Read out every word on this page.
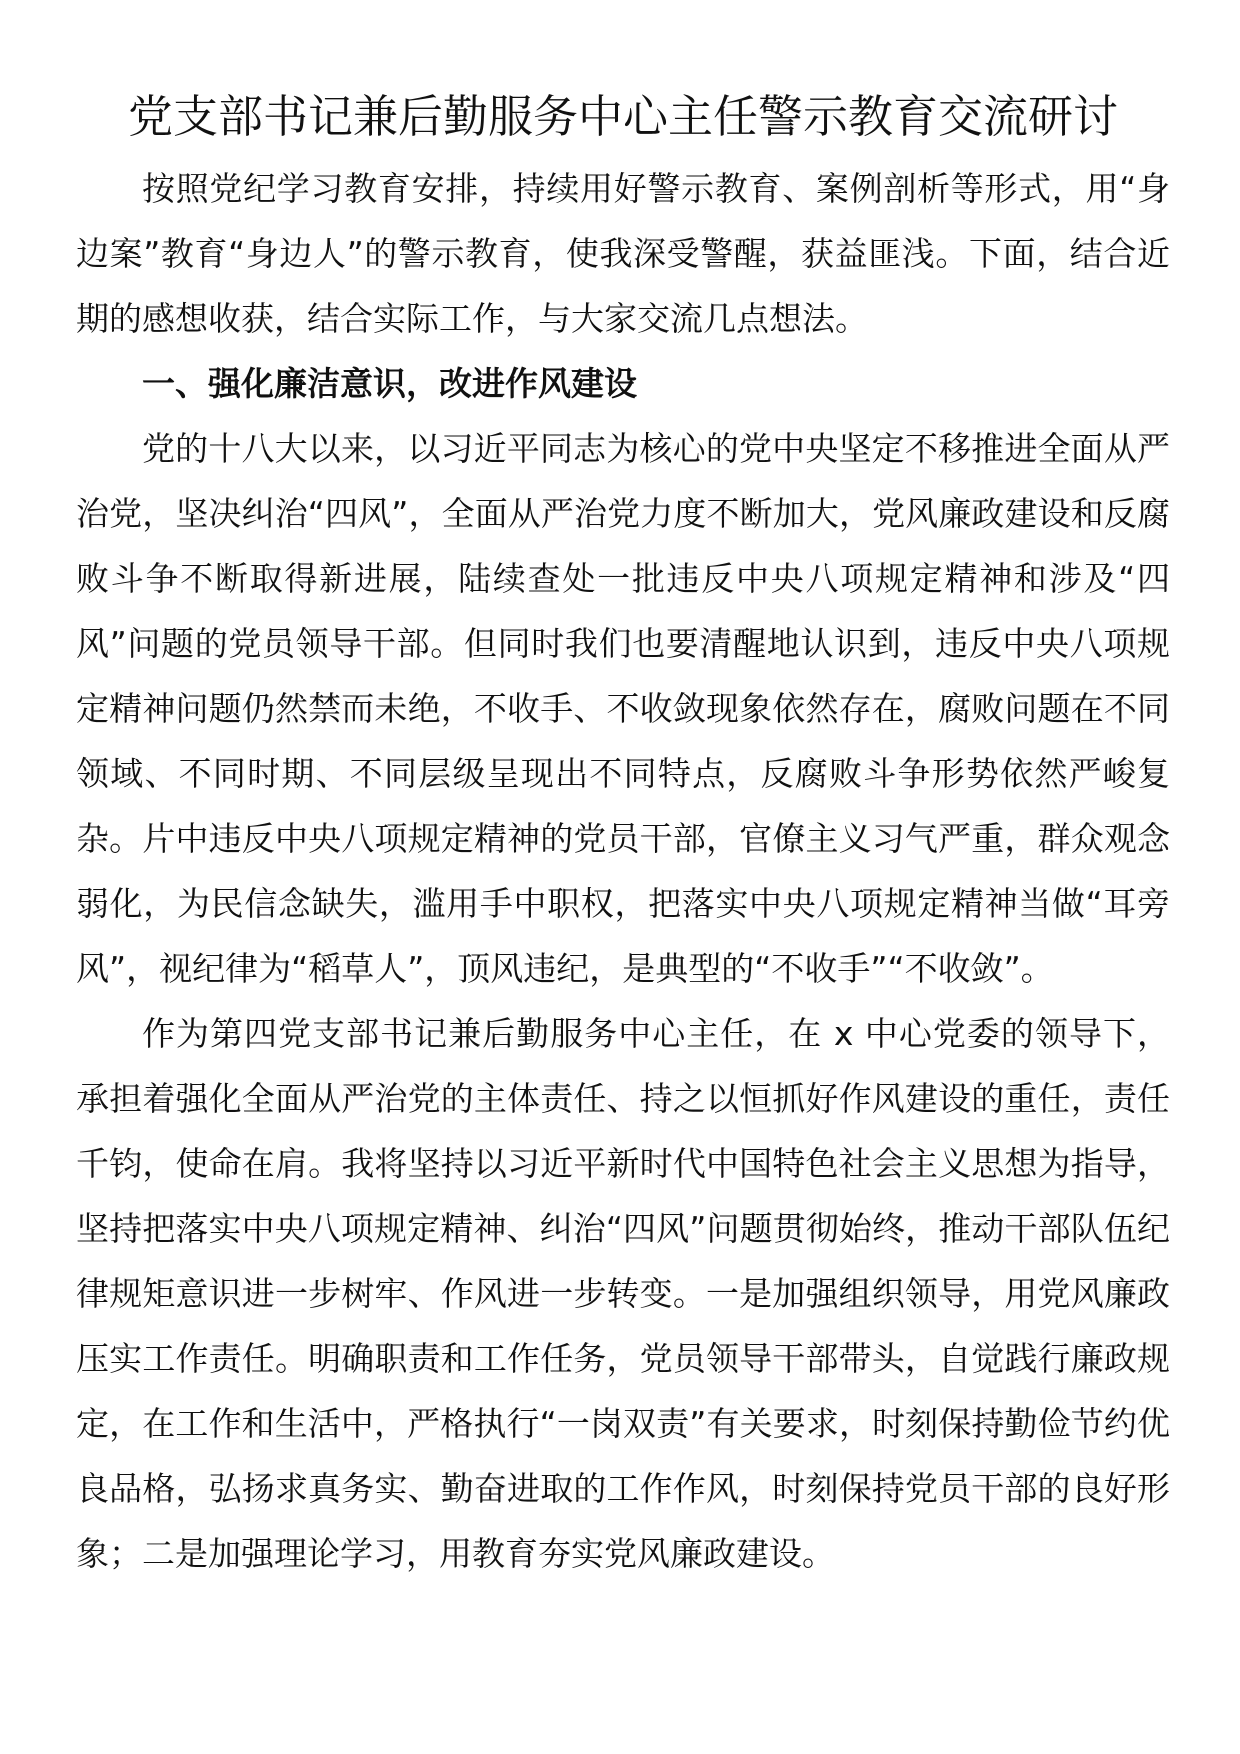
党支部书记兼后勤服务中心主任警示教育交流研讨

按照党纪学习教育安排，持续用好警示教育、案例剖析等形式，用“身边案”教育“身边人”的警示教育，使我深受警醒，获益匪浅。下面，结合近期的感想收获，结合实际工作，与大家交流几点想法。

一、强化廉洁意识，改进作风建设

党的十八大以来，以习近平同志为核心的党中央坚定不移推进全面从严治党，坚决纠治“四风”，全面从严治党力度不断加大，党风廉政建设和反腐败斗争不断取得新进展，陆续查处一批违反中央八项规定精神和涉及“四风”问题的党员领导干部。但同时我们也要清醒地认识到，违反中央八项规定精神问题仍然禁而未绝，不收手、不收敛现象依然存在，腐败问题在不同领域、不同时期、不同层级呈现出不同特点，反腐败斗争形势依然严峻复杂。片中违反中央八项规定精神的党员干部，官僚主义习气严重，群众观念弱化，为民信念缺失，滥用手中职权，把落实中央八项规定精神当做“耳旁风”，视纪律为“稻草人”，顶风违纪，是典型的“不收手”“不收敛”。

作为第四党支部书记兼后勤服务中心主任，在 x 中心党委的领导下，承担着强化全面从严治党的主体责任、持之以恒抓好作风建设的重任，责任千钧，使命在肩。我将坚持以习近平新时代中国特色社会主义思想为指导，坚持把落实中央八项规定精神、纠治“四风”问题贯彻始终，推动干部队伍纪律规矩意识进一步树牢、作风进一步转变。一是加强组织领导，用党风廉政压实工作责任。明确职责和工作任务，党员领导干部带头，自觉践行廉政规定，在工作和生活中，严格执行“一岗双责”有关要求，时刻保持勤俭节约优良品格，弘扬求真务实、勤奋进取的工作作风，时刻保持党员干部的良好形象；二是加强理论学习，用教育夯实党风廉政建设。
